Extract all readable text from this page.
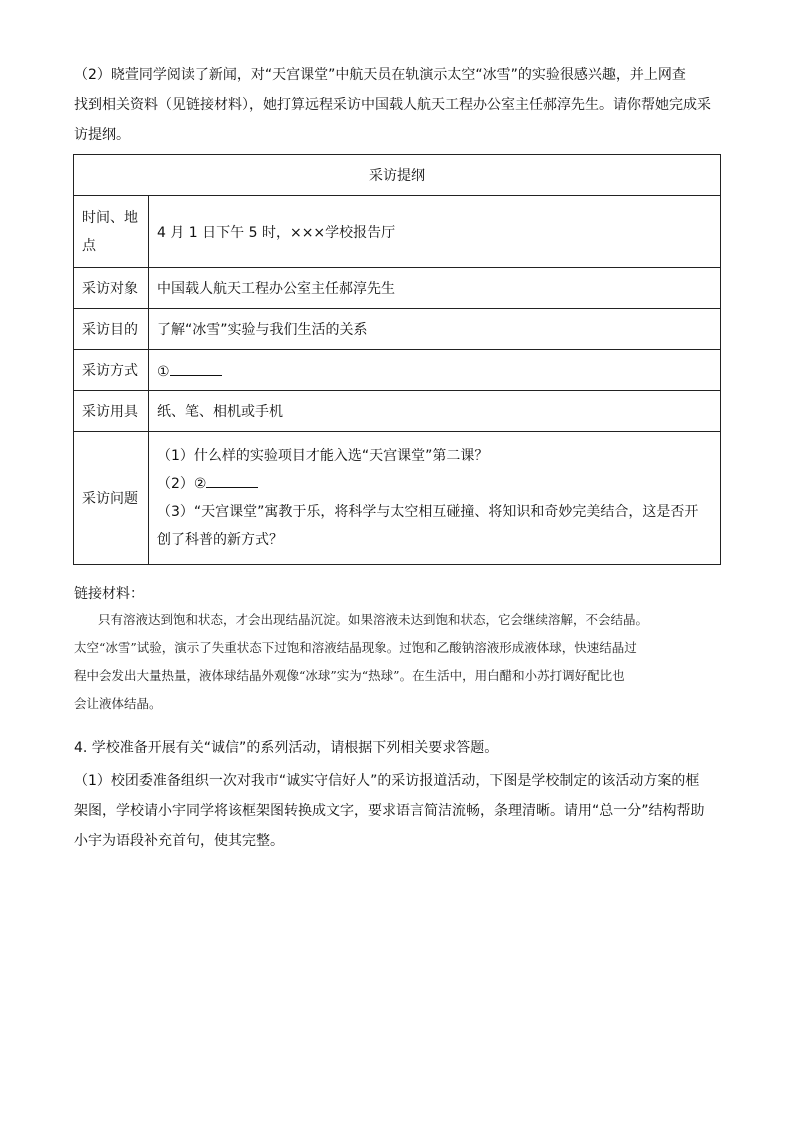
（2）晓萱同学阅读了新闻，对“天宫课堂”中航天员在轨演示太空“冰雪”的实验很感兴趣，并上网查
找到相关资料（见链接材料），她打算远程采访中国载人航天工程办公室主任郝淳先生。请你帮她完成采
访提纲。
采访提纲	

时间、地
点	4 月 1 日下午 5 时，×××学校报告厅
采访对象	中国载人航天工程办公室主任郝淳先生
采访目的	了解“冰雪”实验与我们生活的关系
采访方式	①
采访用具	纸、笔、相机或手机
采访问题	（1）什么样的实验项目才能入选“天宫课堂”第二课？
（2）②
（3）“天宫课堂”寓教于乐，将科学与太空相互碰撞、将知识和奇妙完美结合，这是否开创了科普的新方式？
链接材料：
只有溶液达到饱和状态，才会出现结晶沉淀。如果溶液未达到饱和状态，它会继续溶解，不会结晶。
太空“冰雪”试验，演示了失重状态下过饱和溶液结晶现象。过饱和乙酸钠溶液形成液体球，快速结晶过
程中会发出大量热量，液体球结晶外观像“冰球”实为“热球”。在生活中，用白醋和小苏打调好配比也
会让液体结晶。
4. 学校准备开展有关“诚信”的系列活动，请根据下列相关要求答题。
（1）校团委准备组织一次对我市“诚实守信好人”的采访报道活动，下图是学校制定的该活动方案的框
架图，学校请小宇同学将该框架图转换成文字，要求语言简洁流畅，条理清晰。请用“总一分”结构帮助
小宇为语段补充首句，使其完整。
